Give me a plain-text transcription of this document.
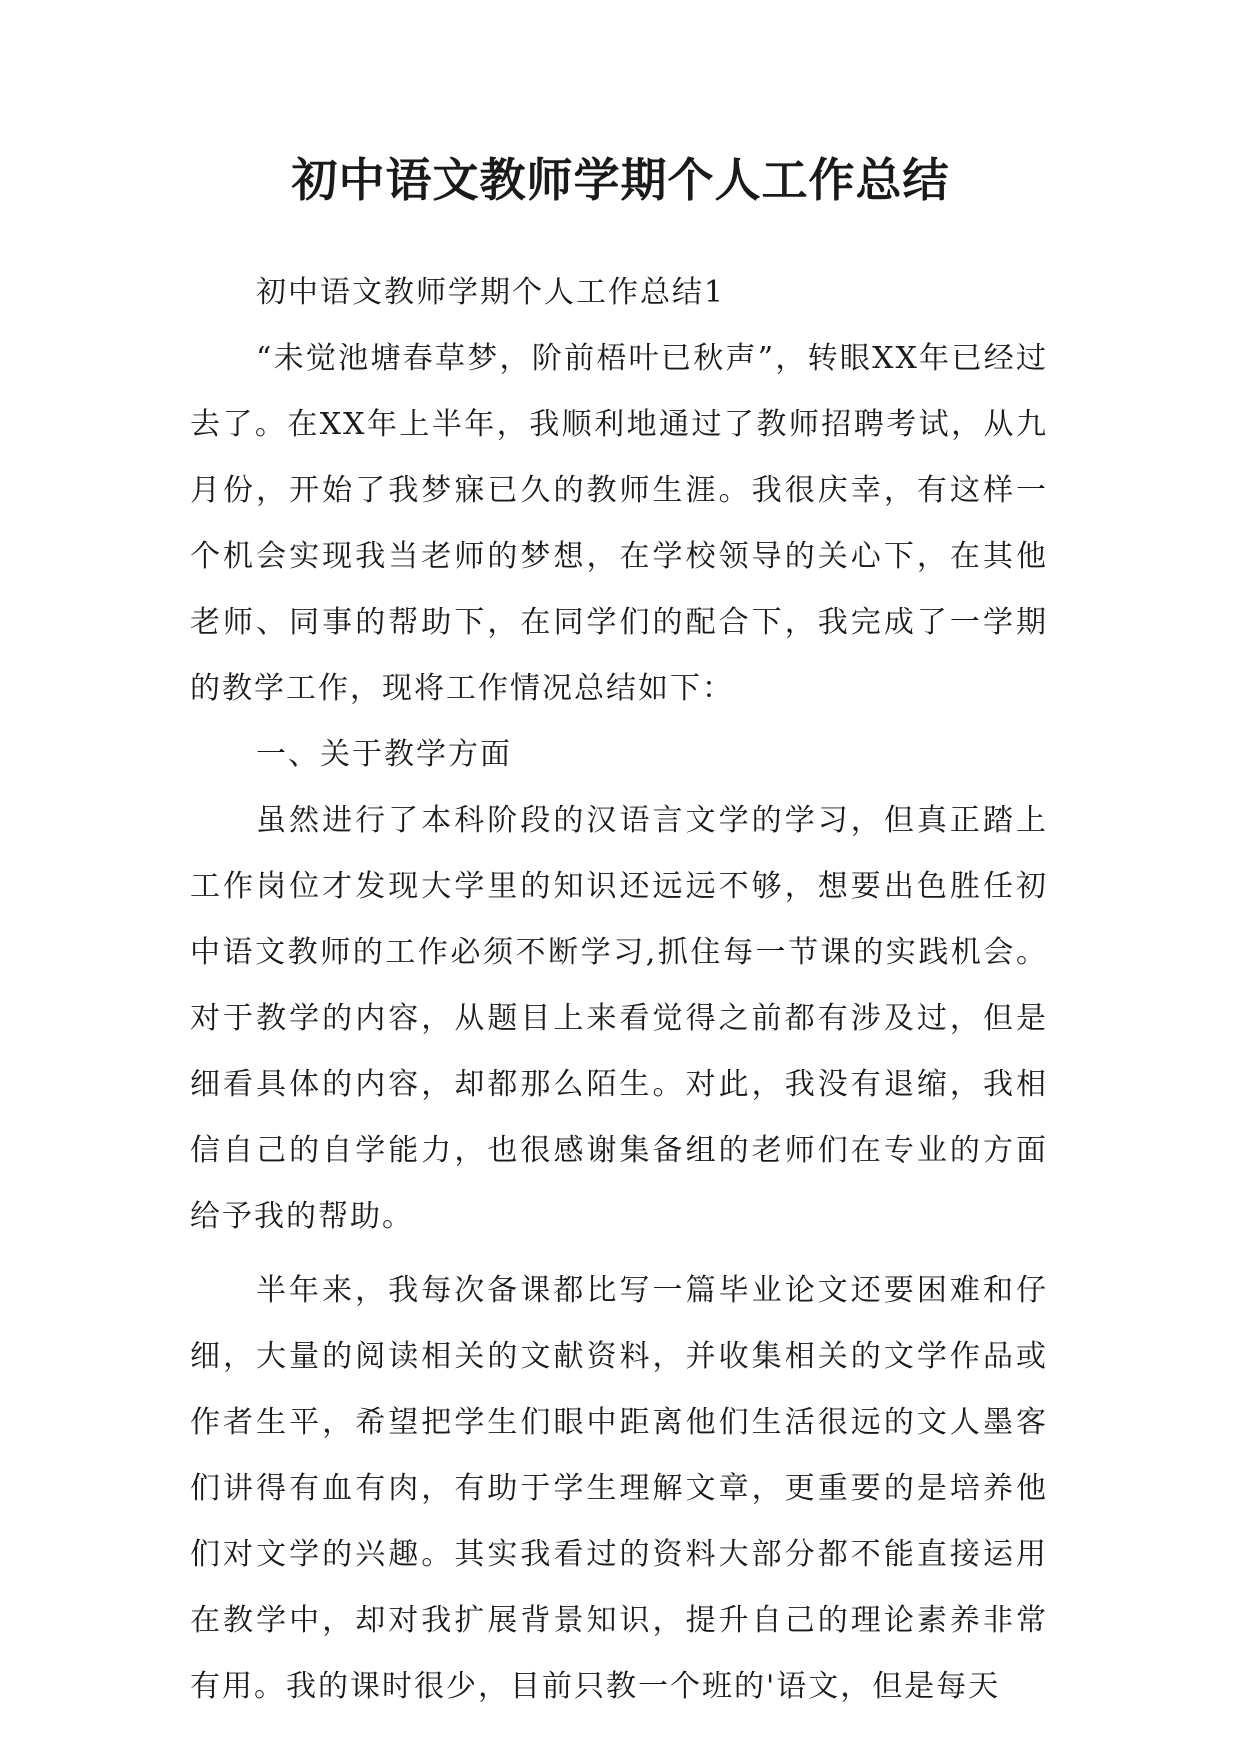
初中语文教师学期个人工作总结

初中语文教师学期个人工作总结1

“未觉池塘春草梦，阶前梧叶已秋声”，转眼XX年已经过去了。在XX年上半年，我顺利地通过了教师招聘考试，从九月份，开始了我梦寐已久的教师生涯。我很庆幸，有这样一个机会实现我当老师的梦想，在学校领导的关心下，在其他老师、同事的帮助下，在同学们的配合下，我完成了一学期的教学工作，现将工作情况总结如下：

一、关于教学方面

虽然进行了本科阶段的汉语言文学的学习，但真正踏上工作岗位才发现大学里的知识还远远不够，想要出色胜任初中语文教师的工作必须不断学习,抓住每一节课的实践机会。对于教学的内容，从题目上来看觉得之前都有涉及过，但是细看具体的内容，却都那么陌生。对此，我没有退缩，我相信自己的自学能力，也很感谢集备组的老师们在专业的方面给予我的帮助。

半年来，我每次备课都比写一篇毕业论文还要困难和仔细，大量的阅读相关的文献资料，并收集相关的文学作品或作者生平，希望把学生们眼中距离他们生活很远的文人墨客们讲得有血有肉，有助于学生理解文章，更重要的是培养他们对文学的兴趣。其实我看过的资料大部分都不能直接运用在教学中，却对我扩展背景知识，提升自己的理论素养非常有用。我的课时很少，目前只教一个班的'语文，但是每天
